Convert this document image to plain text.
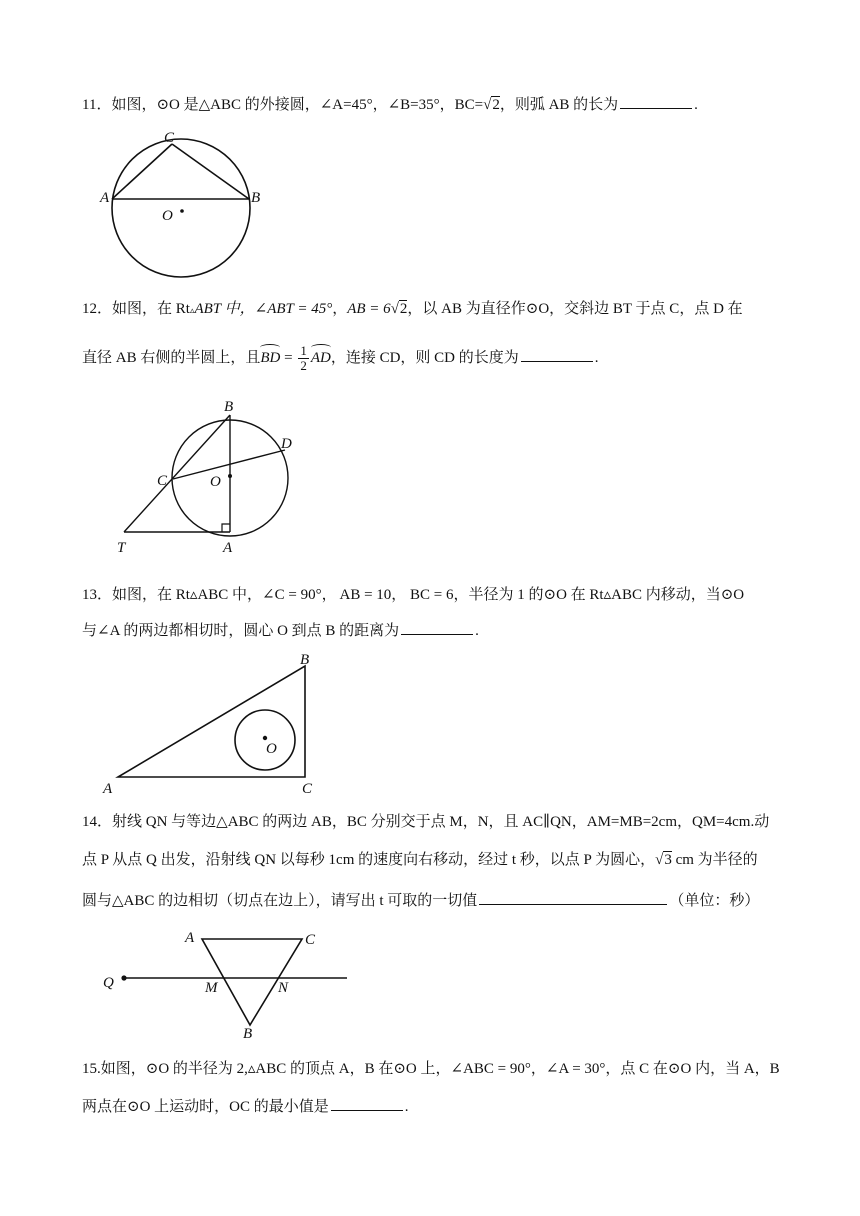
11．如图，⊙O 是△ABC 的外接圆，∠A=45°，∠B=35°，BC=√2，则弧 AB 的长为	.
A	B
C
O
12．如图，在 Rt▵ABT 中，∠ABT = 45°，AB = 6√2，以 AB 为直径作⊙O，交斜边 BT 于点 C，点 D 在
直径 AB 右侧的半圆上，且BD = $\frac{1}{2}$ AD，连接 CD，则 CD 的长度为	.
B
D
C	O
T	A
13．如图，在 Rt▵ABC 中，∠C = 90°， AB = 10， BC = 6，半径为 1 的⊙O 在 Rt▵ABC 内移动，当⊙O
与∠A 的两边都相切时，圆心 O 到点 B 的距离为	.
B
O
A	C
14．射线 QN 与等边△ABC 的两边 AB，BC 分别交于点 M，N，且 AC∥QN，AM=MB=2cm，QM=4cm.动
点 P 从点 Q 出发，沿射线 QN 以每秒 1cm 的速度向右移动，经过 t 秒，以点 P 为圆心，√3 cm 为半径的
圆与△ABC 的边相切（切点在边上），请写出 t 可取的一切值	（单位：秒）
A	C
Q	M	N
B
15.如图，⊙O 的半径为 2,▵ABC 的顶点 A，B 在⊙O 上，∠ABC = 90°，∠A = 30°，点 C 在⊙O 内，当 A，B
两点在⊙O 上运动时，OC 的最小值是	.
